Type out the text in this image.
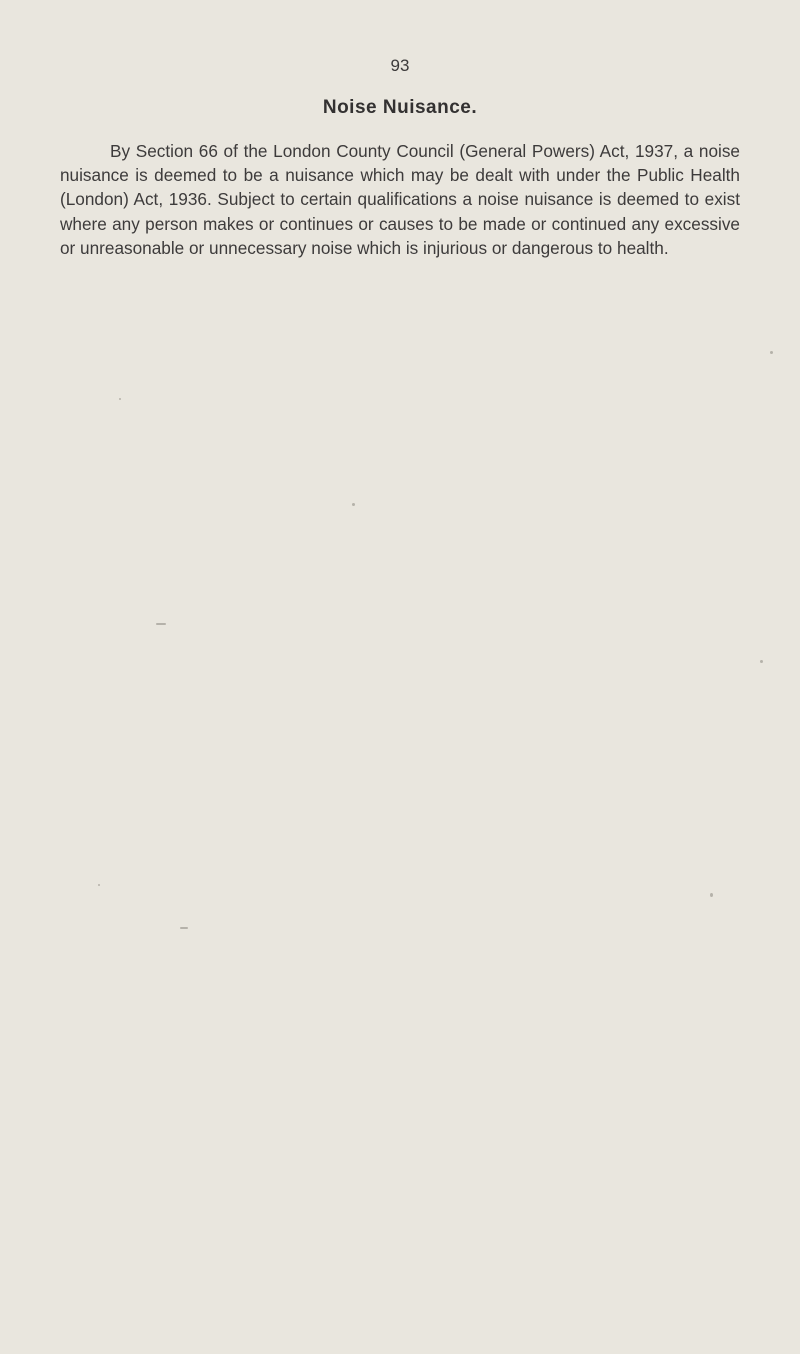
93
Noise Nuisance.

By Section 66 of the London County Council (General Powers) Act, 1937, a noise nuisance is deemed to be a nuisance which may be dealt with under the Public Health (London) Act, 1936. Subject to certain qualifications a noise nuisance is deemed to exist where any person makes or continues or causes to be made or continued any excessive or unreasonable or unnecessary noise which is injurious or dangerous to health.
